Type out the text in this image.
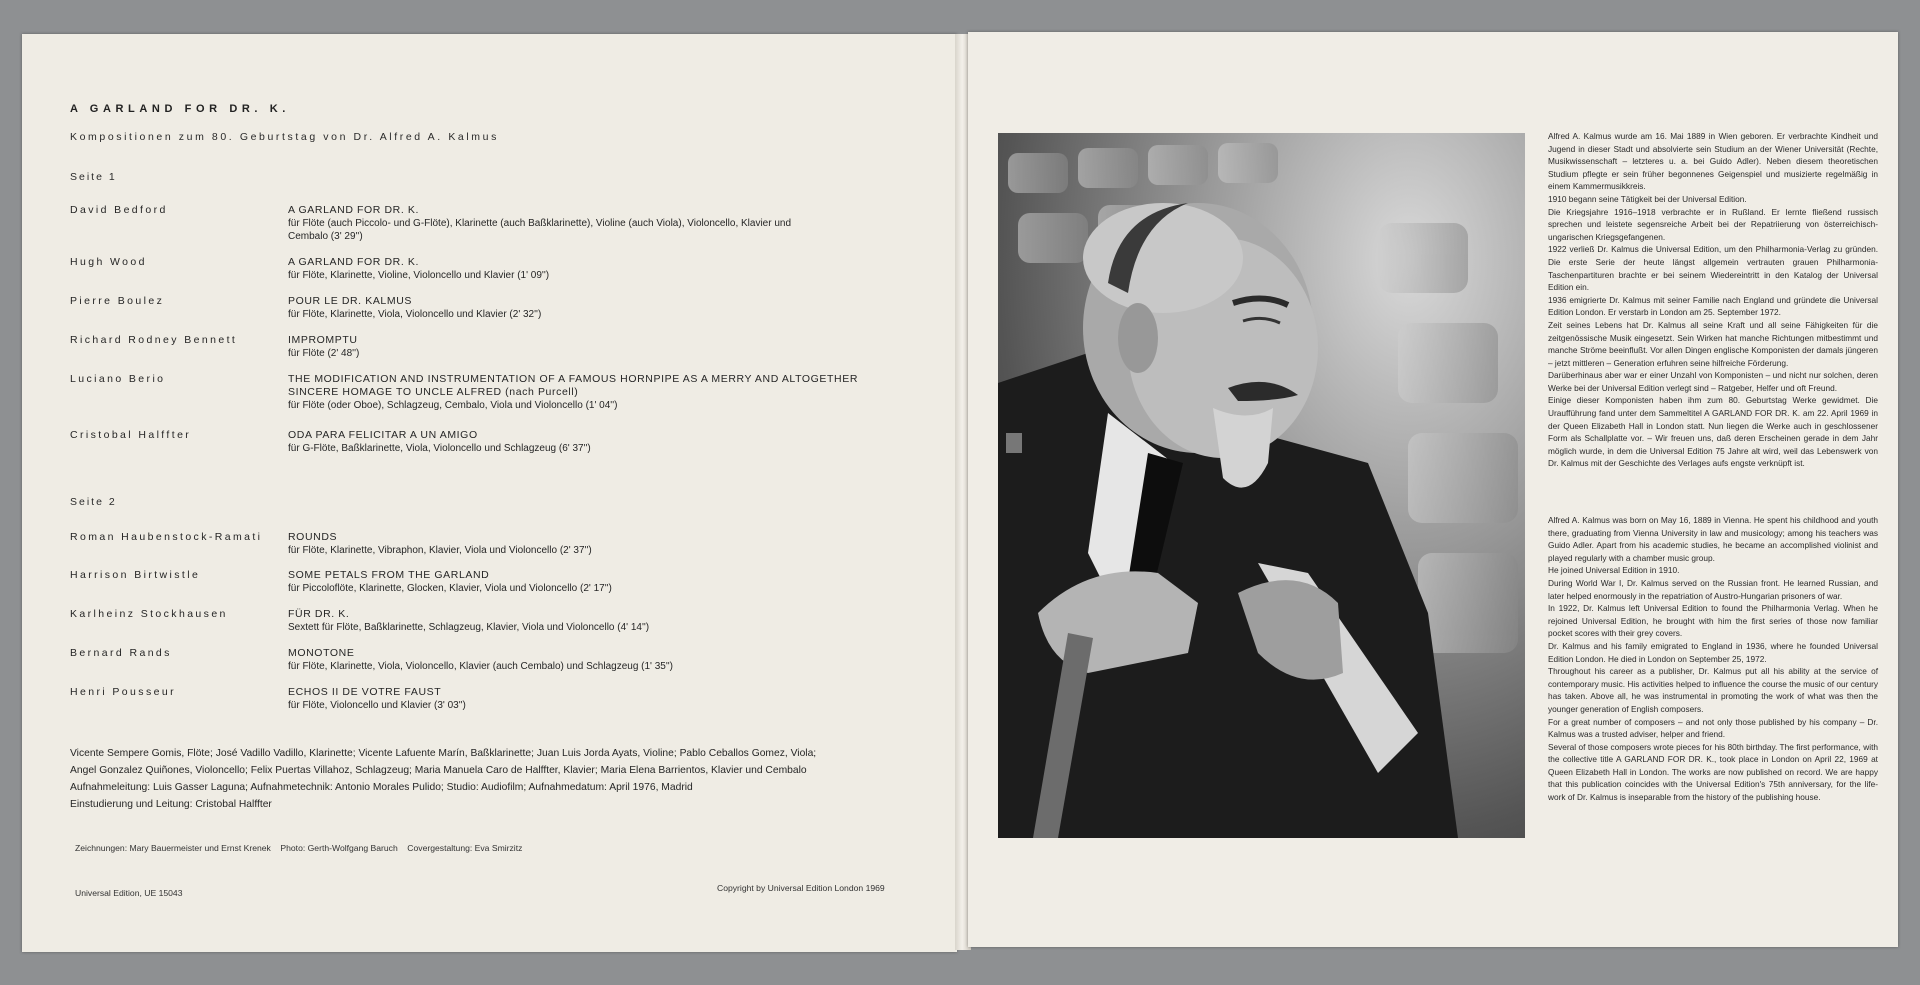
A GARLAND FOR DR. K.
Kompositionen zum 80. Geburtstag von Dr. Alfred A. Kalmus
Seite 1
David Bedford	A GARLAND FOR DR. K.
für Flöte (auch Piccolo- und G-Flöte), Klarinette (auch Baßklarinette), Violine (auch Viola), Violoncello, Klavier und
Cembalo (3' 29'')
Hugh Wood	A GARLAND FOR DR. K.
für Flöte, Klarinette, Violine, Violoncello und Klavier (1' 09'')
Pierre Boulez	POUR LE DR. KALMUS
für Flöte, Klarinette, Viola, Violoncello und Klavier (2' 32'')
Richard Rodney Bennett	IMPROMPTU
für Flöte (2' 48'')
Luciano Berio	THE MODIFICATION AND INSTRUMENTATION OF A FAMOUS HORNPIPE AS A MERRY AND ALTOGETHER
SINCERE HOMAGE TO UNCLE ALFRED (nach Purcell)
für Flöte (oder Oboe), Schlagzeug, Cembalo, Viola und Violoncello (1' 04'')
Cristobal Halffter	ODA PARA FELICITAR A UN AMIGO
für G-Flöte, Baßklarinette, Viola, Violoncello und Schlagzeug (6' 37'')
Seite 2
Roman Haubenstock-Ramati ROUNDS
für Flöte, Klarinette, Vibraphon, Klavier, Viola und Violoncello (2' 37'')
Harrison Birtwistle	SOME PETALS FROM THE GARLAND
für Piccoloflöte, Klarinette, Glocken, Klavier, Viola und Violoncello (2' 17'')
Karlheinz Stockhausen	FÜR DR. K.
Sextett für Flöte, Baßklarinette, Schlagzeug, Klavier, Viola und Violoncello (4' 14'')
Bernard Rands	MONOTONE
für Flöte, Klarinette, Viola, Violoncello, Klavier (auch Cembalo) und Schlagzeug (1' 35'')
Henri Pousseur	ECHOS II DE VOTRE FAUST
für Flöte, Violoncello und Klavier (3' 03'')
Vicente Sempere Gomis, Flöte; José Vadillo Vadillo, Klarinette; Vicente Lafuente Marín, Baßklarinette; Juan Luis Jorda Ayats, Violine; Pablo Ceballos Gomez, Viola;
Angel Gonzalez Quiñones, Violoncello; Felix Puertas Villahoz, Schlagzeug; Maria Manuela Caro de Halffter, Klavier; Maria Elena Barrientos, Klavier und Cembalo
Aufnahmeleitung: Luis Gasser Laguna; Aufnahmetechnik: Antonio Morales Pulido; Studio: Audiofilm; Aufnahmedatum: April 1976, Madrid
Einstudierung und Leitung: Cristobal Halffter
Zeichnungen: Mary Bauermeister und Ernst Krenek    Photo: Gerth-Wolfgang Baruch    Covergestaltung: Eva Smirzitz
Universal Edition, UE 15043	Copyright by Universal Edition London 1969

Alfred A. Kalmus wurde am 16. Mai 1889 in Wien geboren. Er verbrachte Kindheit und Jugend in dieser Stadt und absolvierte sein Studium an der Wiener Universität (Rechte, Musikwissenschaft – letzteres u. a. bei Guido Adler). Neben diesem theoretischen Studium pflegte er sein früher begonnenes Geigenspiel und musizierte regelmäßig in einem Kammermusikkreis.

1910 begann seine Tätigkeit bei der Universal Edition.

Die Kriegsjahre 1916–1918 verbrachte er in Rußland. Er lernte fließend russisch sprechen und leistete segensreiche Arbeit bei der Repatriierung von österreichisch-ungarischen Kriegsgefangenen.

1922 verließ Dr. Kalmus die Universal Edition, um den Philharmonia-Verlag zu gründen. Die erste Serie der heute längst allgemein vertrauten grauen Philharmonia-Taschenpartituren brachte er bei seinem Wiedereintritt in den Katalog der Universal Edition ein.

1936 emigrierte Dr. Kalmus mit seiner Familie nach England und gründete die Universal Edition London. Er verstarb in London am 25. September 1972.

Zeit seines Lebens hat Dr. Kalmus all seine Kraft und all seine Fähigkeiten für die zeitgenössische Musik eingesetzt. Sein Wirken hat manche Richtungen mitbestimmt und manche Ströme beeinflußt. Vor allen Dingen englische Komponisten der damals jüngeren – jetzt mittleren – Generation erfuhren seine hilfreiche Förderung.

Darüberhinaus aber war er einer Unzahl von Komponisten – und nicht nur solchen, deren Werke bei der Universal Edition verlegt sind – Ratgeber, Helfer und oft Freund.

Einige dieser Komponisten haben ihm zum 80. Geburtstag Werke gewidmet. Die Uraufführung fand unter dem Sammeltitel A GARLAND FOR DR. K. am 22. April 1969 in der Queen Elizabeth Hall in London statt. Nun liegen die Werke auch in geschlossener Form als Schallplatte vor. – Wir freuen uns, daß deren Erscheinen gerade in dem Jahr möglich wurde, in dem die Universal Edition 75 Jahre alt wird, weil das Lebenswerk von Dr. Kalmus mit der Geschichte des Verlages aufs engste verknüpft ist.

Alfred A. Kalmus was born on May 16, 1889 in Vienna. He spent his childhood and youth there, graduating from Vienna University in law and musicology; among his teachers was Guido Adler. Apart from his academic studies, he became an accomplished violinist and played regularly with a chamber music group.

He joined Universal Edition in 1910.

During World War I, Dr. Kalmus served on the Russian front. He learned Russian, and later helped enormously in the repatriation of Austro-Hungarian prisoners of war.

In 1922, Dr. Kalmus left Universal Edition to found the Philharmonia Verlag. When he rejoined Universal Edition, he brought with him the first series of those now familiar pocket scores with their grey covers.

Dr. Kalmus and his family emigrated to England in 1936, where he founded Universal Edition London. He died in London on September 25, 1972.

Throughout his career as a publisher, Dr. Kalmus put all his ability at the service of contemporary music. His activities helped to influence the course the music of our century has taken. Above all, he was instrumental in promoting the work of what was then the younger generation of English composers.

For a great number of composers – and not only those published by his company – Dr. Kalmus was a trusted adviser, helper and friend.

Several of those composers wrote pieces for his 80th birthday. The first performance, with the collective title A GARLAND FOR DR. K., took place in London on April 22, 1969 at Queen Elizabeth Hall in London. The works are now published on record. We are happy that this publication coincides with the Universal Edition's 75th anniversary, for the life-work of Dr. Kalmus is inseparable from the history of the publishing house.
